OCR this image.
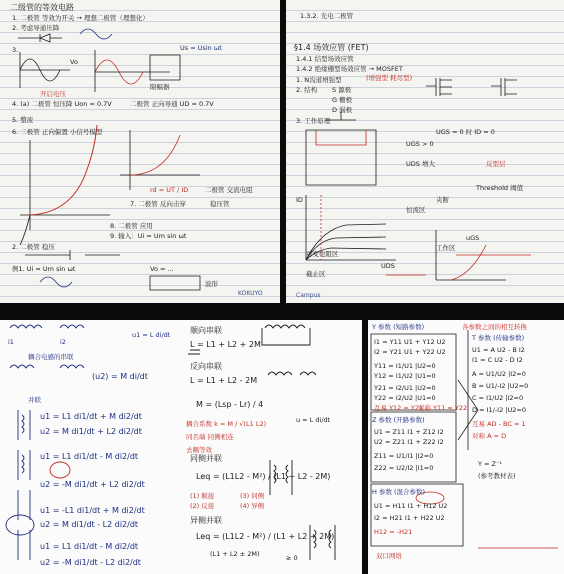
二级管的等效电路
1. 二极管 等效为开关 → 理想二极管（理想化）
2. 考虑导通压降
3.
Vo
Us = Usin ωt
限幅器
开启电压
4. (a) 二极管 恒压降 Uon = 0.7V	二极管 正向导通 UD = 0.7V
5. 整流
6. 二极管 正向偏置 小信号模型
rd = UT / ID	二极管 交流电阻
7. 二极管 反向击穿	稳压管
8. 二极管 应用
9. 输入：Ui = Um sin ωt
2. 二极管 稳压
例1. Ui = Um sin ωt	Vo = ...
波形
KOKUYO
1.3.2. 光电二极管
§1.4 场效应管 (FET)
1.4.1 结型场效应管
1.4.2 绝缘栅型场效应管 → MOSFET
1. N沟道增强型	(增强型 耗尽型)
2. 结构 S 源极
G 栅极
D 漏极
3. 工作原理
UGS = 0 时 ID = 0
UGS > 0
UDS 增大
Threshold 阈值
反型层
夹断
恒流区
可变电阻区
截止区
UDS
uGS
ID
工作区
Campus
u1 = L di/dt 顺向串联
L = L1 + L2 + 2M
反向串联
L = L1 + L2 - 2M
耦合系数 k = M / √(L1 L2)
同名端 同侧相连
M = (Lsp - Lr) / 4
u1 = L1 di1/dt + M di2/dt
u2 = M di1/dt + L2 di2/dt
u1 = L1 di1/dt - M di2/dt
u2 = -M di1/dt + L2 di2/dt
u1 = -L1 di1/dt + M di2/dt
u2 = M di1/dt - L2 di2/dt
u1 = L1 di1/dt - M di2/dt
u2 = -M di1/dt - L2 di2/dt
(u2) = M di/dt
耦合电感的串联
并联
同侧并联
Leq = (L1L2 - M²) / (L1 + L2 - 2M)
异侧并联
Leq = (L1L2 - M²) / (L1 + L2 + 2M)
≥ 0
(L1 + L2 ± 2M)
去耦等效
(1) 顺接
(2) 反接
(3) 同侧
(4) 异侧
u = L di/dt
i1	i2
Y 参数 (短路参数)
I1 = Y11 U1 + Y12 U2
I2 = Y21 U1 + Y22 U2
Y11 = I1/U1 |U2=0
Y12 = I1/U2 |U1=0
Y21 = I2/U1 |U2=0
Y22 = I2/U2 |U1=0
互易 Y12 = Y21
对称 Y11 = Y22
Z 参数 (开路参数)
U1 = Z11 I1 + Z12 I2
U2 = Z21 I1 + Z22 I2
Z11 = U1/I1 |I2=0
Z22 = U2/I2 |I1=0
T 参数 (传输参数)
U1 = A U2 - B I2
I1 = C U2 - D I2
A = U1/U2 |I2=0
B = U1/-I2 |U2=0
C = I1/U2 |I2=0
D = I1/-I2 |U2=0
H 参数 (混合参数)
U1 = H11 I1 + H12 U2
I2 = H21 I1 + H22 U2
互易 AD - BC = 1
对称 A = D
H12 = -H21
各参数之间的相互转换
Y = Z⁻¹
(参考教材表)
双口网络
